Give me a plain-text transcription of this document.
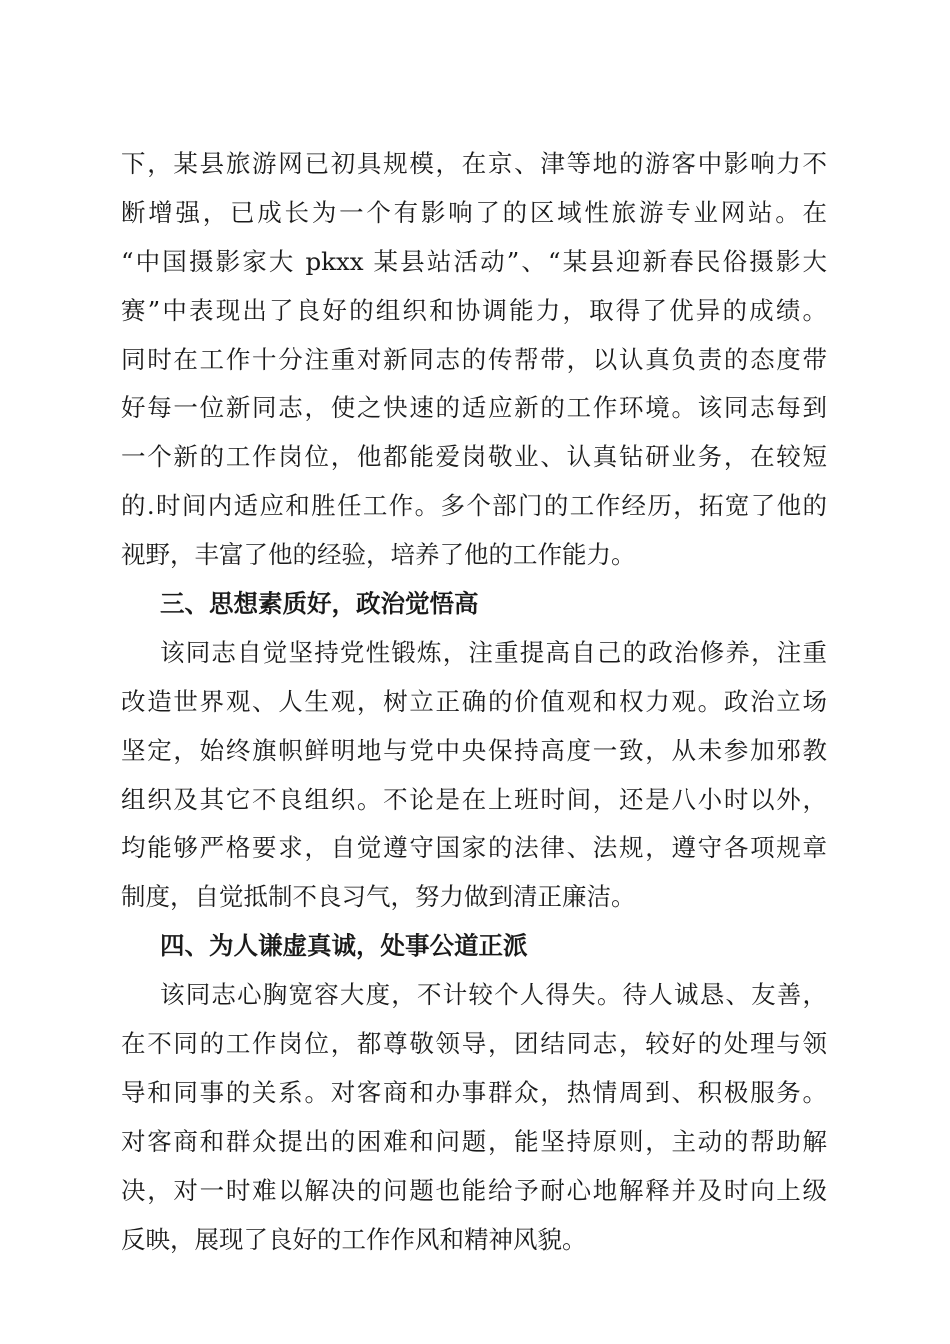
下，某县旅游网已初具规模，在京、津等地的游客中影响力不
断增强，已成长为一个有影响了的区域性旅游专业网站。在
“中国摄影家大 pkxx 某县站活动”、“某县迎新春民俗摄影大
赛”中表现出了良好的组织和协调能力，取得了优异的成绩。
同时在工作十分注重对新同志的传帮带，以认真负责的态度带
好每一位新同志，使之快速的适应新的工作环境。该同志每到
一个新的工作岗位，他都能爱岗敬业、认真钻研业务，在较短
的.时间内适应和胜任工作。多个部门的工作经历，拓宽了他的
视野，丰富了他的经验，培养了他的工作能力。
三、思想素质好，政治觉悟高
该同志自觉坚持党性锻炼，注重提高自己的政治修养，注重
改造世界观、人生观，树立正确的价值观和权力观。政治立场
坚定，始终旗帜鲜明地与党中央保持高度一致，从未参加邪教
组织及其它不良组织。不论是在上班时间，还是八小时以外，
均能够严格要求，自觉遵守国家的法律、法规，遵守各项规章
制度，自觉抵制不良习气，努力做到清正廉洁。
四、为人谦虚真诚，处事公道正派
该同志心胸宽容大度，不计较个人得失。待人诚恳、友善，
在不同的工作岗位，都尊敬领导，团结同志，较好的处理与领
导和同事的关系。对客商和办事群众，热情周到、积极服务。
对客商和群众提出的困难和问题，能坚持原则，主动的帮助解
决，对一时难以解决的问题也能给予耐心地解释并及时向上级
反映，展现了良好的工作作风和精神风貌。
